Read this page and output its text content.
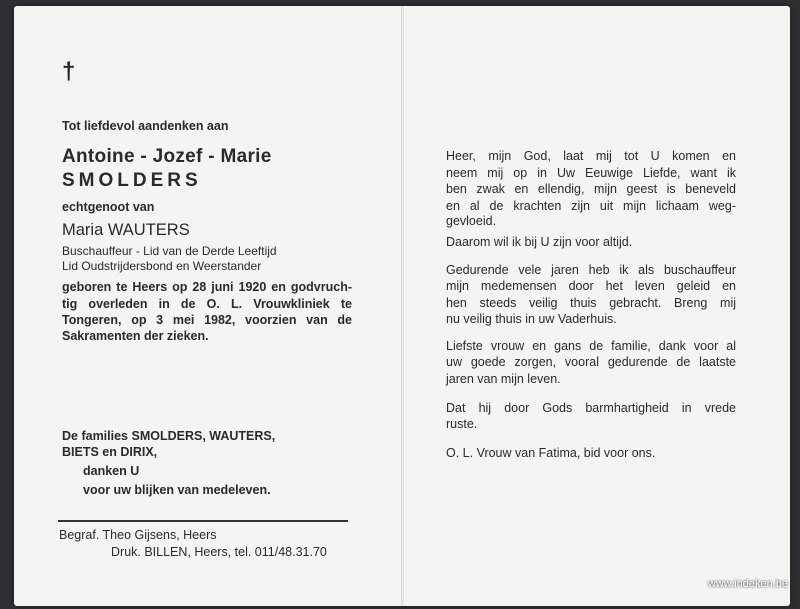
†
Tot liefdevol aandenken aan
Antoine - Jozef - Marie
SMOLDERS
echtgenoot van
Maria WAUTERS
Buschauffeur - Lid van de Derde Leeftijd
Lid Oudstrijdersbond en Weerstander
geboren te Heers op 28 juni 1920 en godvruch-
tig overleden in de O. L. Vrouwkliniek te
Tongeren, op 3 mei 1982, voorzien van de
Sakramenten der zieken.
De families SMOLDERS, WAUTERS,
BIETS en DIRIX,
danken U
voor uw blijken van medeleven.
Begraf. Theo Gijsens, Heers
Druk. BILLEN, Heers, tel. 011/48.31.70
Heer, mijn God, laat mij tot U komen en
neem mij op in Uw Eeuwige Liefde, want ik
ben zwak en ellendig, mijn geest is beneveld
en al de krachten zijn uit mijn lichaam weg-
gevloeid.
Daarom wil ik bij U zijn voor altijd.
Gedurende vele jaren heb ik als buschauffeur
mijn medemensen door het leven geleid en
hen steeds veilig thuis gebracht. Breng mij
nu veilig thuis in uw Vaderhuis.
Liefste vrouw en gans de familie, dank voor al
uw goede zorgen, vooral gedurende de laatste
jaren van mijn leven.
Dat hij door Gods barmhartigheid in vrede
ruste.
O. L. Vrouw van Fatima, bid voor ons.
www.indeken.be
